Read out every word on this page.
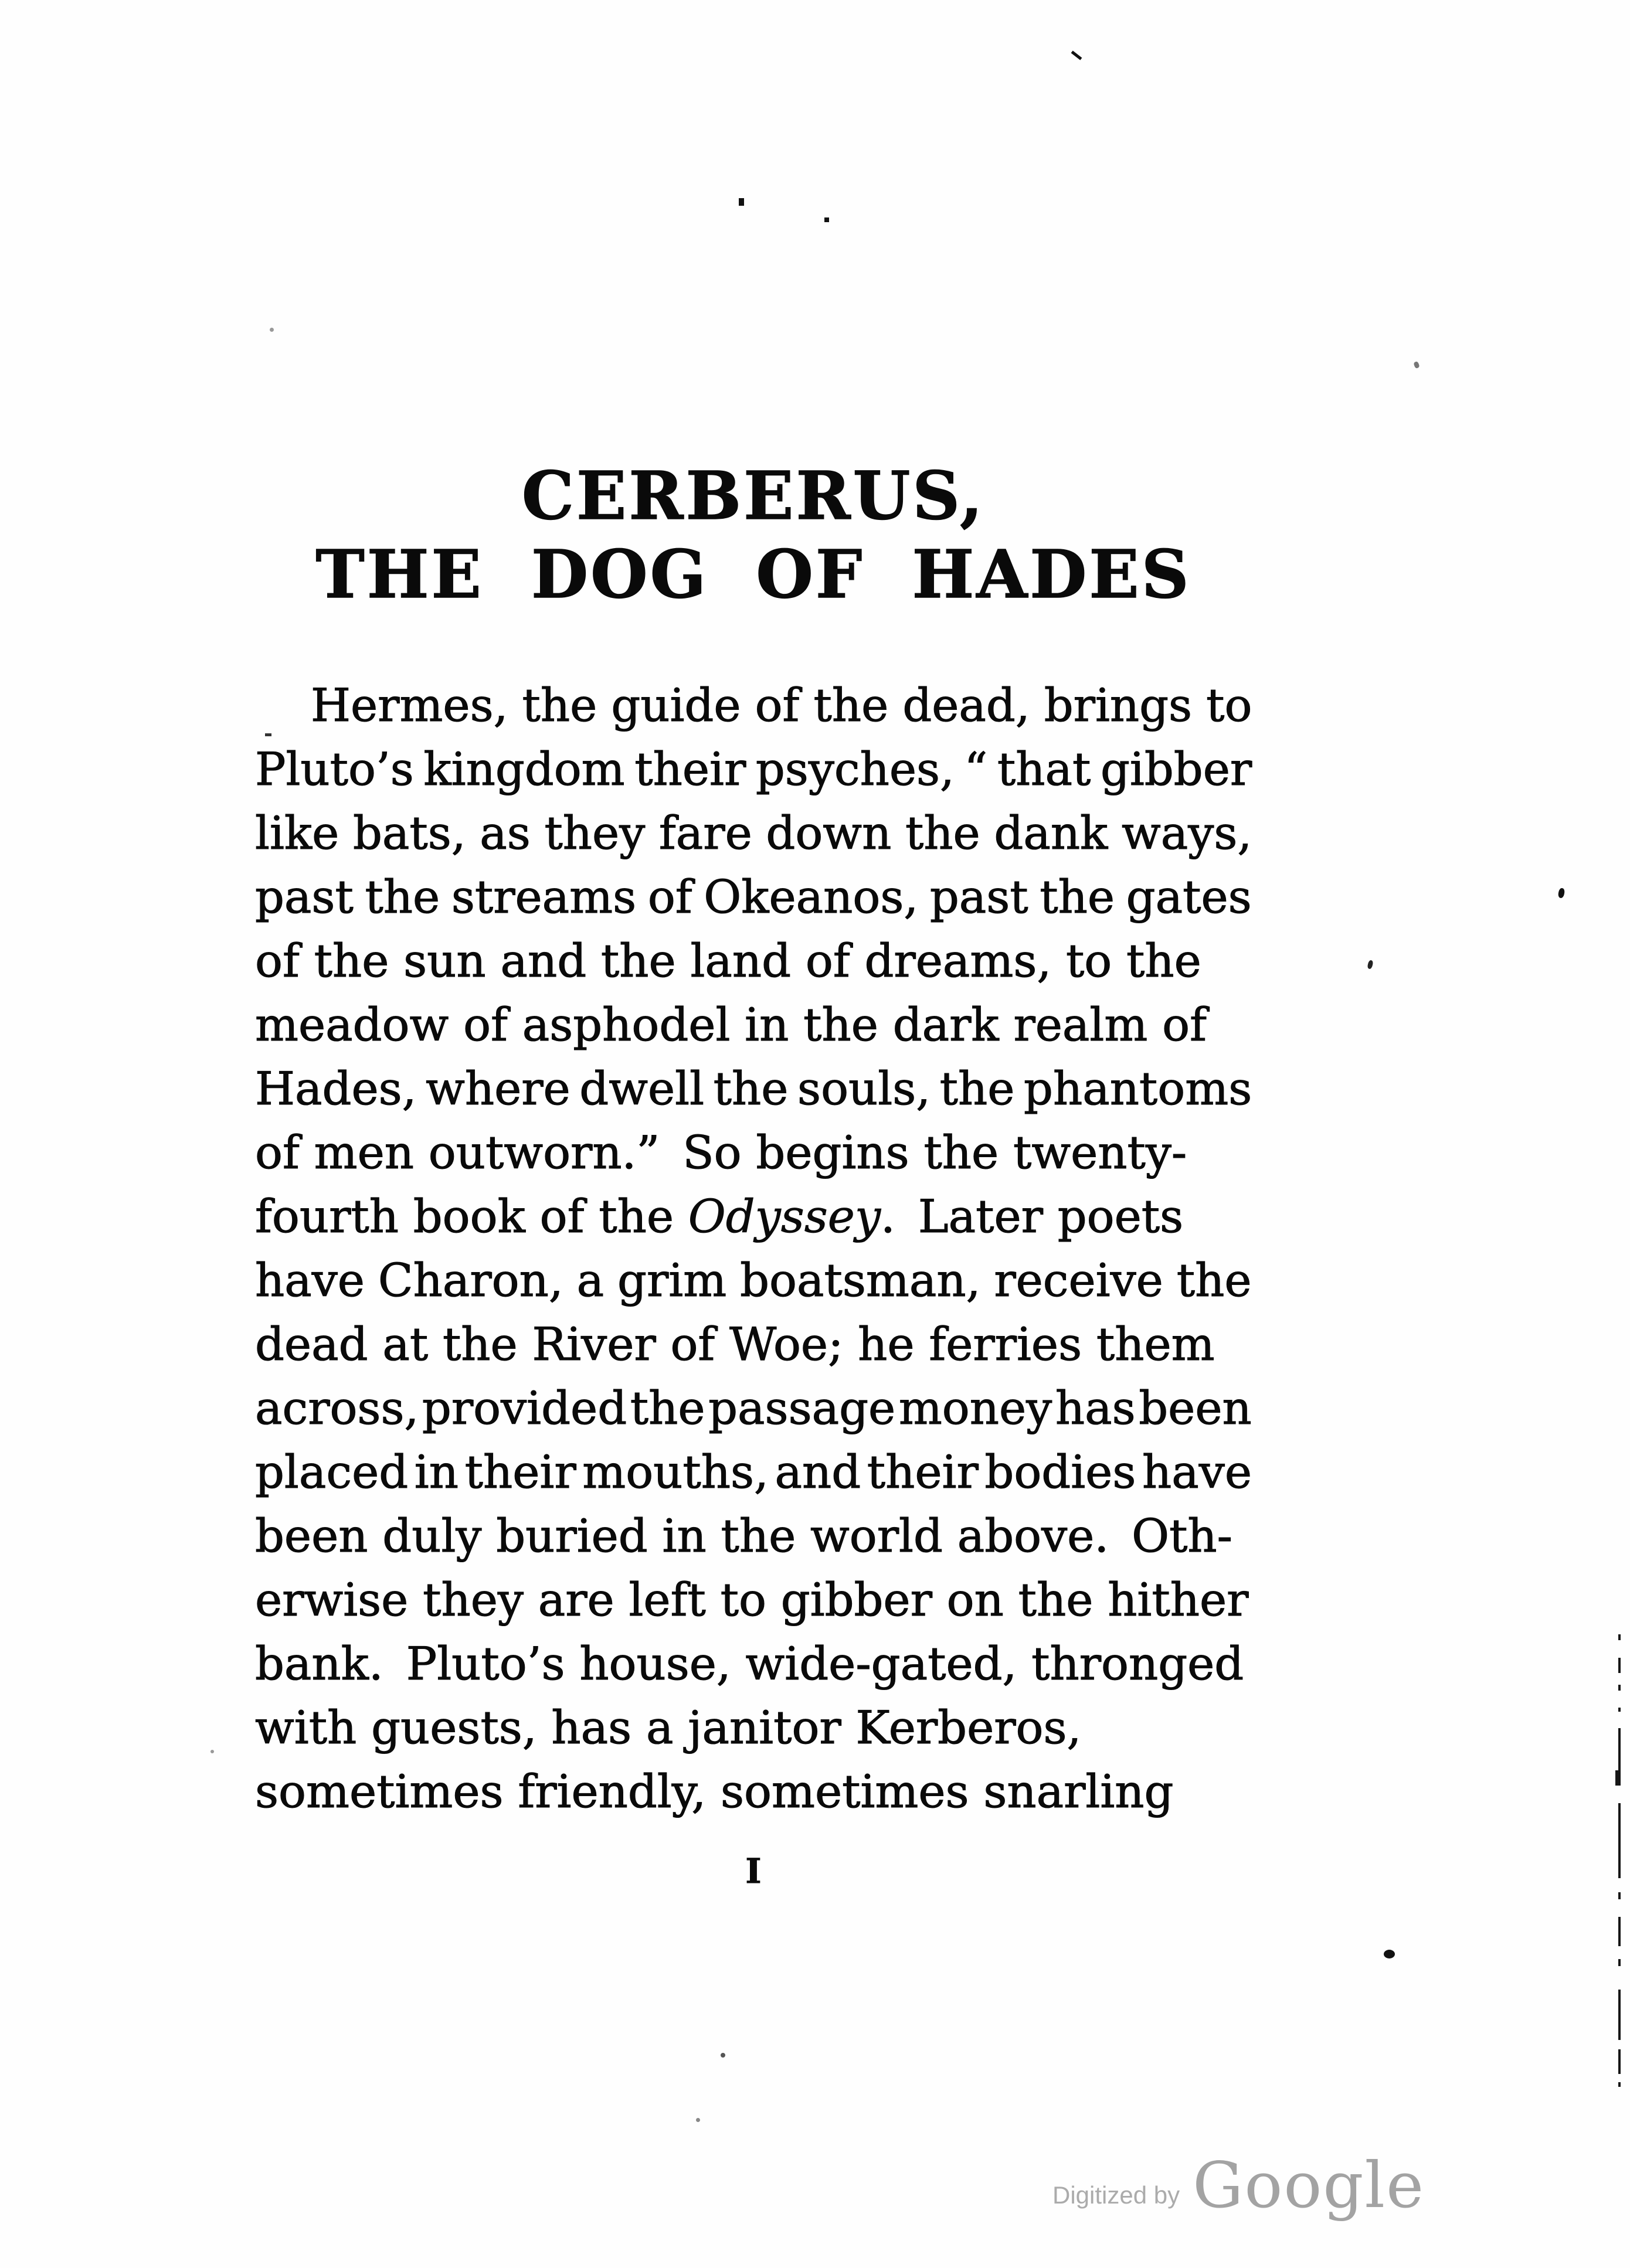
CERBERUS,
THE DOG OF HADES
Hermes, the guide of the dead, brings to
Pluto’s kingdom their psyches, “ that gibber
like bats, as they fare down the dank ways,
past the streams of Okeanos, past the gates
of the sun and the land of dreams, to the
meadow of asphodel in the dark realm of
Hades, where dwell the souls, the phantoms
of men outworn.” So begins the twenty-
fourth book of the Odyssey. Later poets
have Charon, a grim boatsman, receive the
dead at the River of Woe; he ferries them
across, provided the passage money has been
placed in their mouths, and their bodies have
been duly buried in the world above. Oth-
erwise they are left to gibber on the hither
bank. Pluto’s house, wide-gated, thronged
with guests, has a janitor Kerberos,
sometimes friendly, sometimes snarling
I
Digitized by Google
